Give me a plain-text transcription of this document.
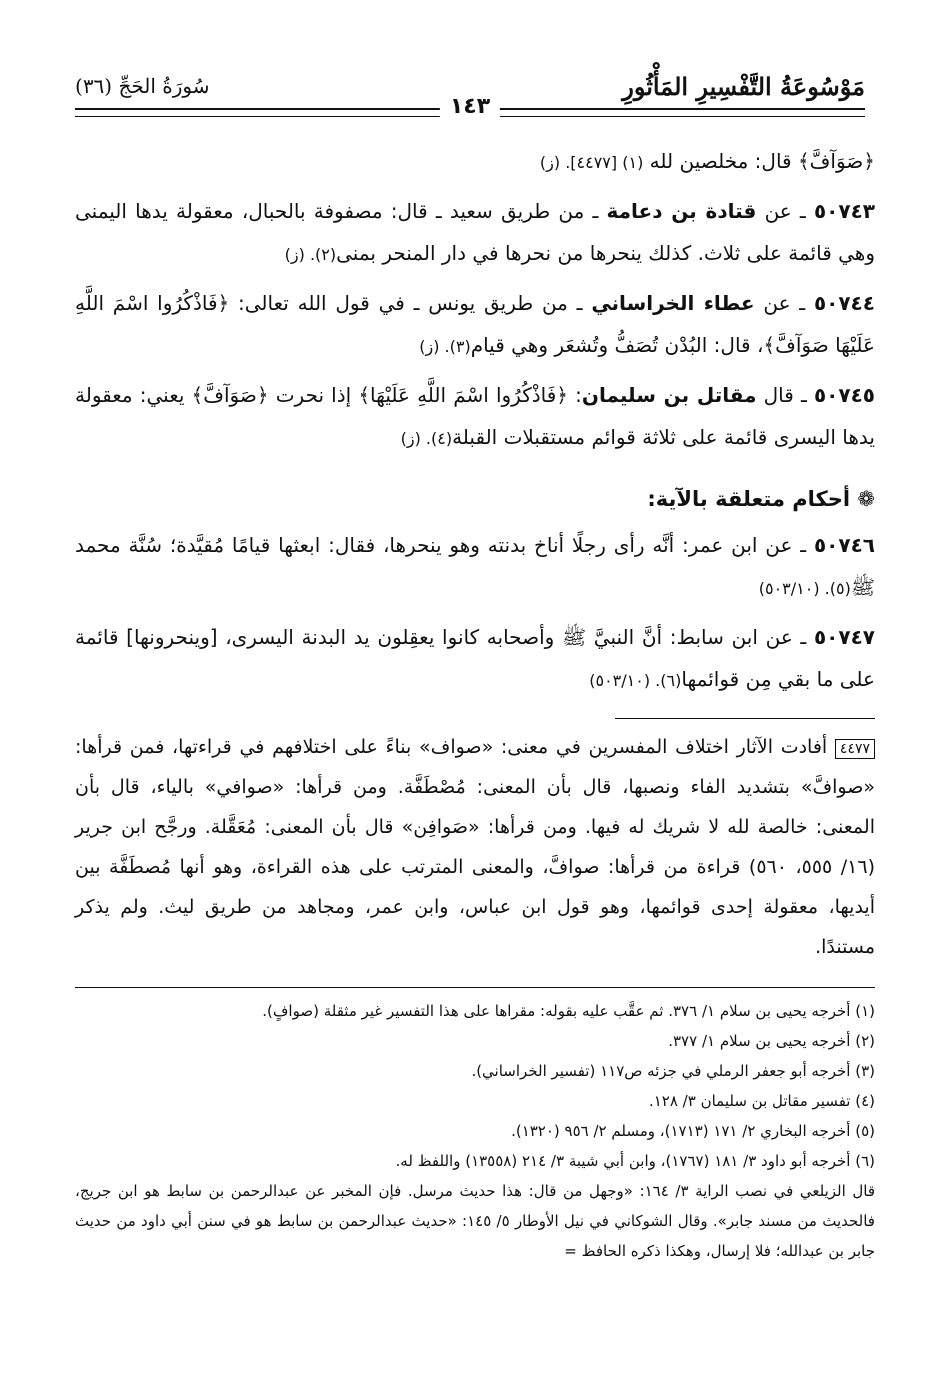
مَوْسُوعَةُ التَّفْسِيرِ المَأْثُورِ
سُورَةُ الحَجِّ (٣٦)
١٤٣

﴿صَوَآفَّ﴾ قال: مخلصين لله (١) [٤٤٧٧]. (ز)

٥٠٧٤٣ ـ عن قتادة بن دعامة ـ من طريق سعيد ـ قال: مصفوفة بالحبال، معقولة يدها اليمنى وهي قائمة على ثلاث. كذلك ينحرها من نحرها في دار المنحر بمنى(٢). (ز)

٥٠٧٤٤ ـ عن عطاء الخراساني ـ من طريق يونس ـ في قول الله تعالى: ﴿فَاذْكُرُوا اسْمَ اللَّهِ عَلَيْهَا صَوَآفَّ﴾، قال: البُدْن تُصَفُّ وتُشعَر وهي قيام(٣). (ز)

٥٠٧٤٥ ـ قال مقاتل بن سليمان: ﴿فَاذْكُرُوا اسْمَ اللَّهِ عَلَيْهَا﴾ إذا نحرت ﴿صَوَآفَّ﴾ يعني: معقولة يدها اليسرى قائمة على ثلاثة قوائم مستقبلات القبلة(٤). (ز)

❁ أحكام متعلقة بالآية:

٥٠٧٤٦ ـ عن ابن عمر: أنَّه رأى رجلًا أناخ بدنته وهو ينحرها، فقال: ابعثها قيامًا مُقيَّدة؛ سُنَّة محمد ﷺ(٥). (٥٠٣/١٠)

٥٠٧٤٧ ـ عن ابن سابط: أنَّ النبيَّ ﷺ وأصحابه كانوا يعقِلون يد البدنة اليسرى، [وينحرونها] قائمة على ما بقي مِن قوائمها(٦). (٥٠٣/١٠)

٤٤٧٧ أفادت الآثار اختلاف المفسرين في معنى: «صواف» بناءً على اختلافهم في قراءتها، فمن قرأها: «صوافَّ» بتشديد الفاء ونصبها، قال بأن المعنى: مُصْطَفَّة. ومن قرأها: «صوافي» بالياء، قال بأن المعنى: خالصة لله لا شريك له فيها. ومن قرأها: «صَوافِن» قال بأن المعنى: مُعَقَّلة. ورجَّح ابن جرير (١٦/ ٥٥٥، ٥٦٠) قراءة من قرأها: صوافَّ، والمعنى المترتب على هذه القراءة، وهو أنها مُصطَفَّة بين أيديها، معقولة إحدى قوائمها، وهو قول ابن عباس، وابن عمر، ومجاهد من طريق ليث. ولم يذكر مستندًا.
(١) أخرجه يحيى بن سلام ١/ ٣٧٦. ثم عقَّب عليه بقوله: مقراها على هذا التفسير غير مثقلة (صوافٍ).
(٢) أخرجه يحيى بن سلام ١/ ٣٧٧.
(٣) أخرجه أبو جعفر الرملي في جزئه ص١١٧ (تفسير الخراساني).
(٤) تفسير مقاتل بن سليمان ٣/ ١٢٨.
(٥) أخرجه البخاري ٢/ ١٧١ (١٧١٣)، ومسلم ٢/ ٩٥٦ (١٣٢٠).
(٦) أخرجه أبو داود ٣/ ١٨١ (١٧٦٧)، وابن أبي شيبة ٣/ ٢١٤ (١٣٥٥٨) واللفظ له.
قال الزيلعي في نصب الراية ٣/ ١٦٤: «وجهل من قال: هذا حديث مرسل. فإن المخبر عن عبدالرحمن بن سابط هو ابن جريج، فالحديث من مسند جابر». وقال الشوكاني في نيل الأوطار ٥/ ١٤٥: «حديث عبدالرحمن بن سابط هو في سنن أبي داود من حديث جابر بن عبدالله؛ فلا إرسال، وهكذا ذكره الحافظ =
